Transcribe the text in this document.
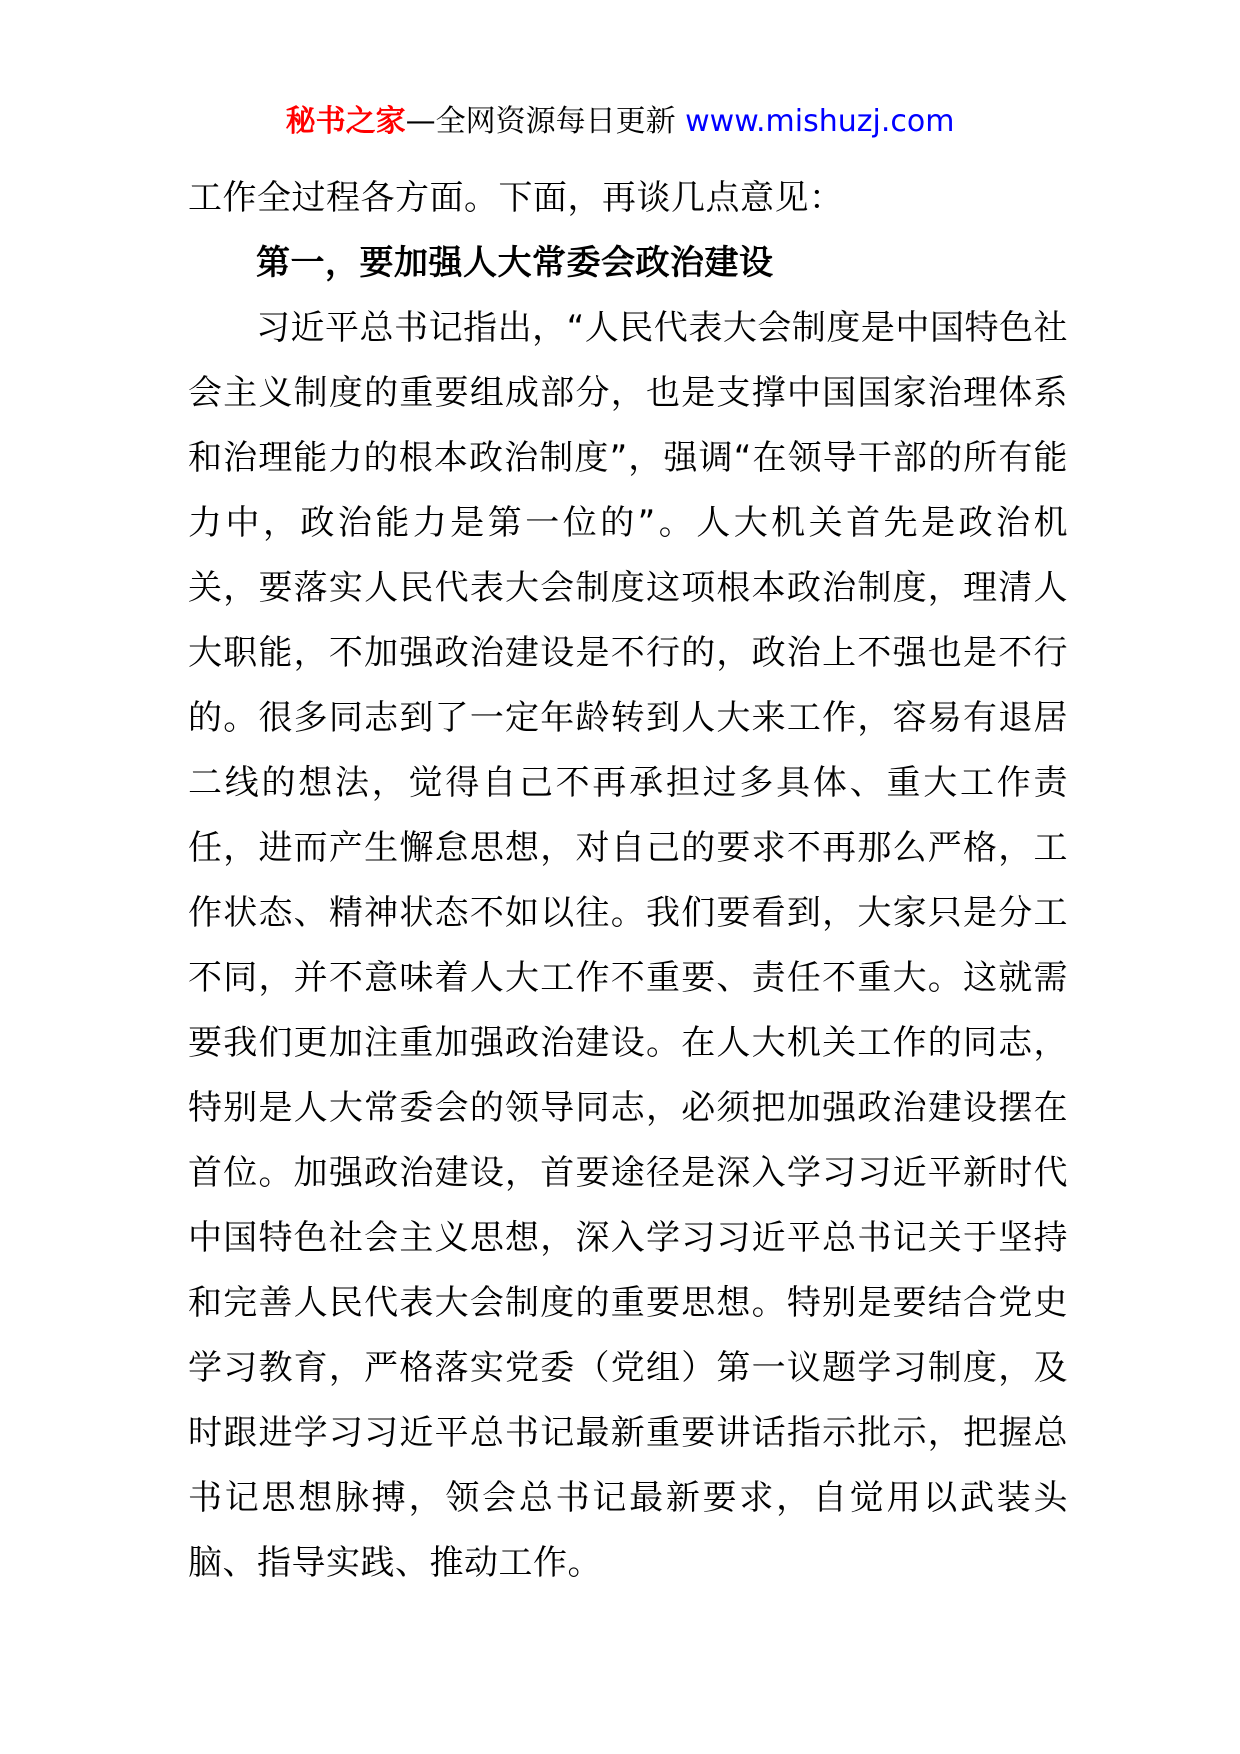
秘书之家—全网资源每日更新 www.mishuzj.com

工作全过程各方面。下面，再谈几点意见：

第一，要加强人大常委会政治建设

习近平总书记指出，“人民代表大会制度是中国特色社会主义制度的重要组成部分，也是支撑中国国家治理体系和治理能力的根本政治制度”，强调“在领导干部的所有能力中，政治能力是第一位的”。人大机关首先是政治机关，要落实人民代表大会制度这项根本政治制度，理清人大职能，不加强政治建设是不行的，政治上不强也是不行的。很多同志到了一定年龄转到人大来工作，容易有退居二线的想法，觉得自己不再承担过多具体、重大工作责任，进而产生懈怠思想，对自己的要求不再那么严格，工作状态、精神状态不如以往。我们要看到，大家只是分工不同，并不意味着人大工作不重要、责任不重大。这就需要我们更加注重加强政治建设。在人大机关工作的同志，特别是人大常委会的领导同志，必须把加强政治建设摆在首位。加强政治建设，首要途径是深入学习习近平新时代中国特色社会主义思想，深入学习习近平总书记关于坚持和完善人民代表大会制度的重要思想。特别是要结合党史学习教育，严格落实党委（党组）第一议题学习制度，及时跟进学习习近平总书记最新重要讲话指示批示，把握总书记思想脉搏，领会总书记最新要求，自觉用以武装头脑、指导实践、推动工作。
